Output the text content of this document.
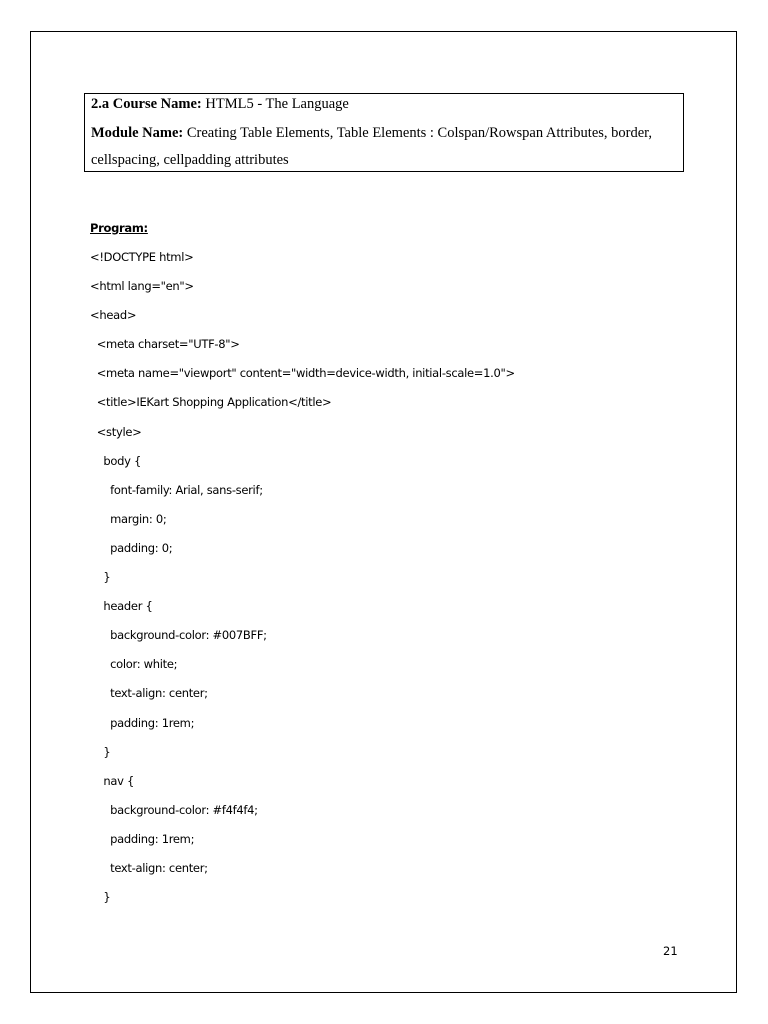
2.a Course Name: HTML5 - The Language
Module Name: Creating Table Elements, Table Elements : Colspan/Rowspan Attributes, border,
cellspacing, cellpadding attributes
Program:
<!DOCTYPE html>
<html lang="en">
<head>
<meta charset="UTF-8">
<meta name="viewport" content="width=device-width, initial-scale=1.0">
<title>IEKart Shopping Application</title>
<style>
body {
font-family: Arial, sans-serif;
margin: 0;
padding: 0;
}
header {
background-color: #007BFF;
color: white;
text-align: center;
padding: 1rem;
}
nav {
background-color: #f4f4f4;
padding: 1rem;
text-align: center;
}
21
